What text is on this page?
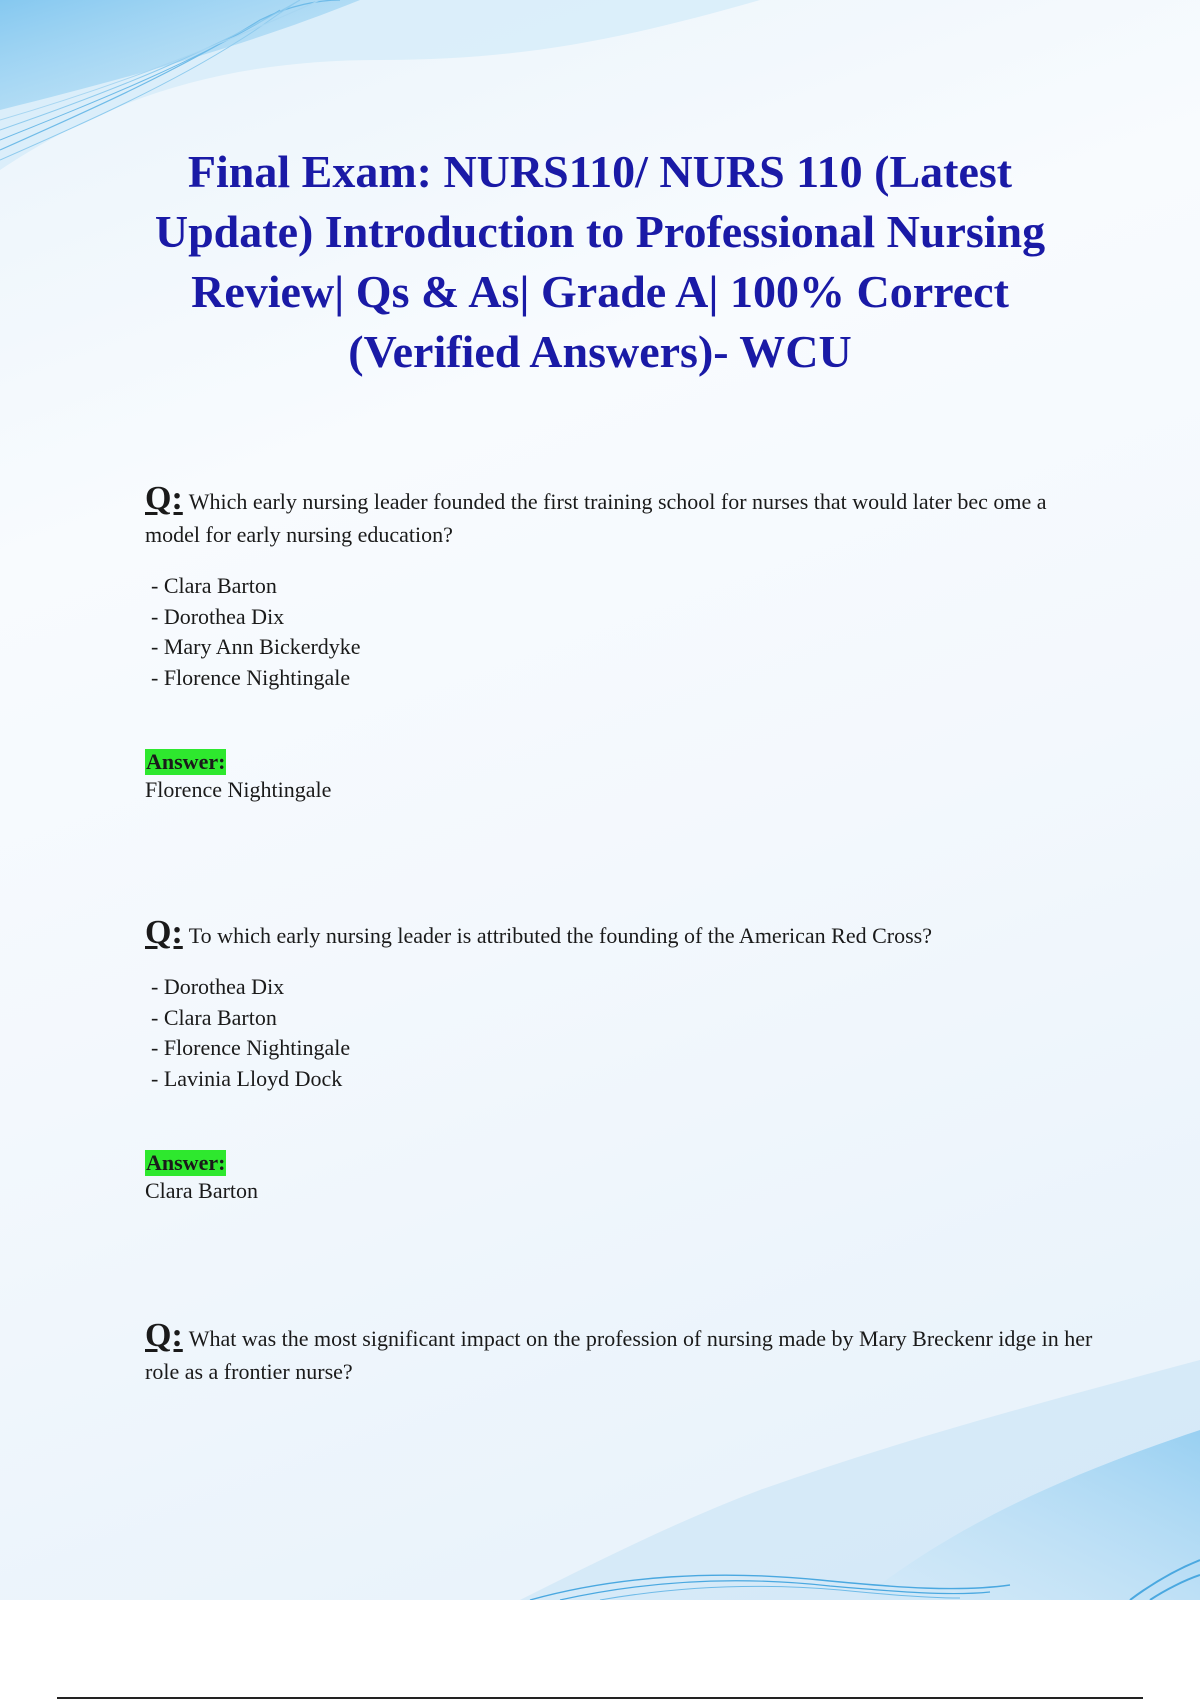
Final Exam: NURS110/ NURS 110 (Latest Update) Introduction to Professional Nursing Review| Qs & As| Grade A| 100% Correct (Verified Answers)- WCU

Q: Which early nursing leader founded the first training school for nurses that would later bec ome a model for early nursing education?

- Clara Barton
- Dorothea Dix
- Mary Ann Bickerdyke
- Florence Nightingale
Answer:
Florence Nightingale

Q: To which early nursing leader is attributed the founding of the American Red Cross?

- Dorothea Dix
- Clara Barton
- Florence Nightingale
- Lavinia Lloyd Dock
Answer:
Clara Barton

Q: What was the most significant impact on the profession of nursing made by Mary Breckenr idge in her role as a frontier nurse?
